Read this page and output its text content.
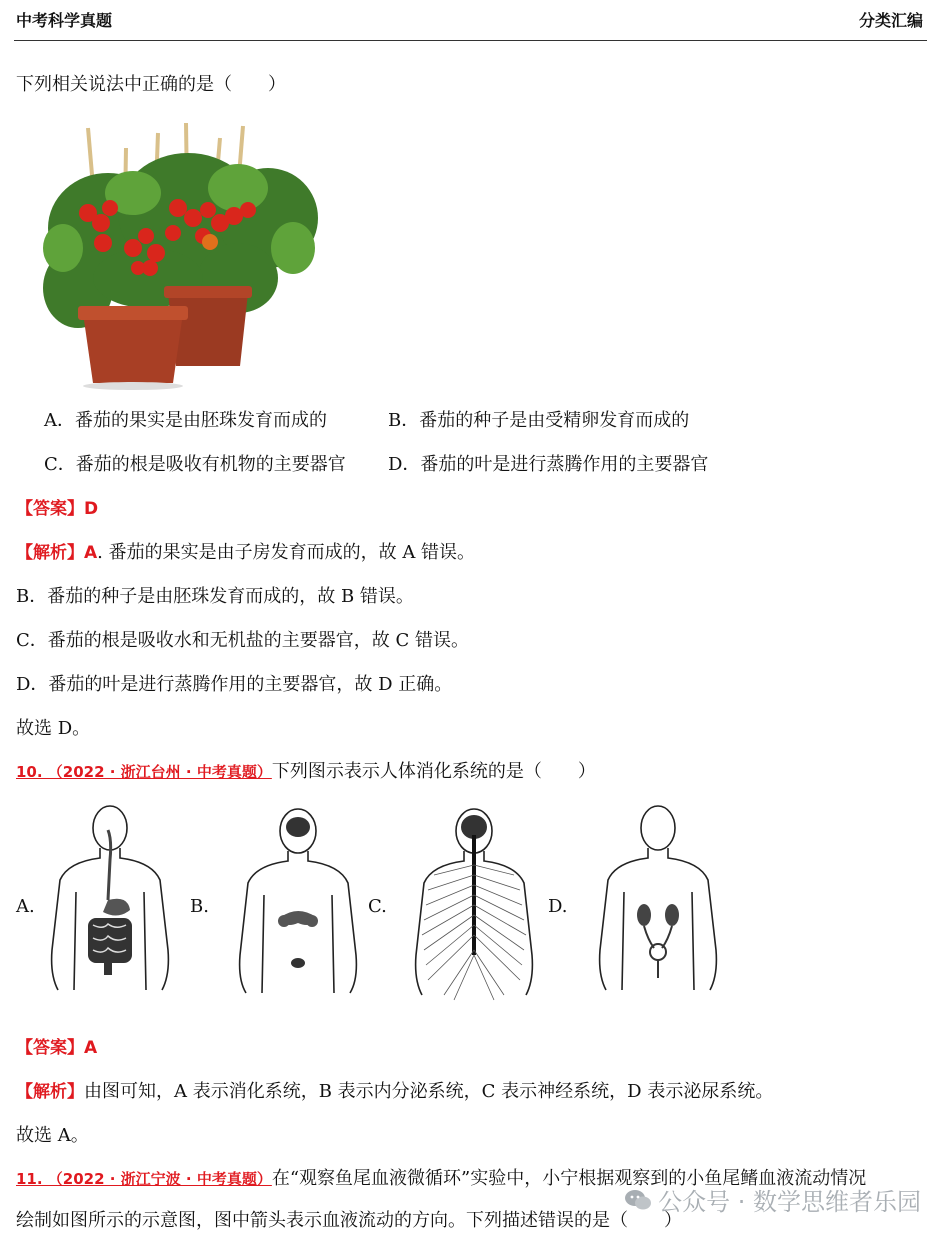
中考科学真题	分类汇编
下列相关说法中正确的是（　　）
A．番茄的果实是由胚珠发育而成的	B．番茄的种子是由受精卵发育而成的
C．番茄的根是吸收有机物的主要器官 D．番茄的叶是进行蒸腾作用的主要器官
【答案】D
【解析】A. 番茄的果实是由子房发育而成的，故 A 错误。
B．番茄的种子是由胚珠发育而成的，故 B 错误。
C．番茄的根是吸收水和无机盐的主要器官，故 C 错误。
D．番茄的叶是进行蒸腾作用的主要器官，故 D 正确。
故选 D。
10. （2022 · 浙江台州 · 中考真题）下列图示表示人体消化系统的是（　　）
A.	B.	C.	D.
【答案】A
【解析】由图可知，A 表示消化系统，B 表示内分泌系统，C 表示神经系统，D 表示泌尿系统。
故选 A。
11. （2022 · 浙江宁波 · 中考真题）在“观察鱼尾血液微循环”实验中，小宁根据观察到的小鱼尾鳍血液流动情况
绘制如图所示的示意图，图中箭头表示血液流动的方向。下列描述错误的是（　　）
公众号 · 数学思维者乐园
